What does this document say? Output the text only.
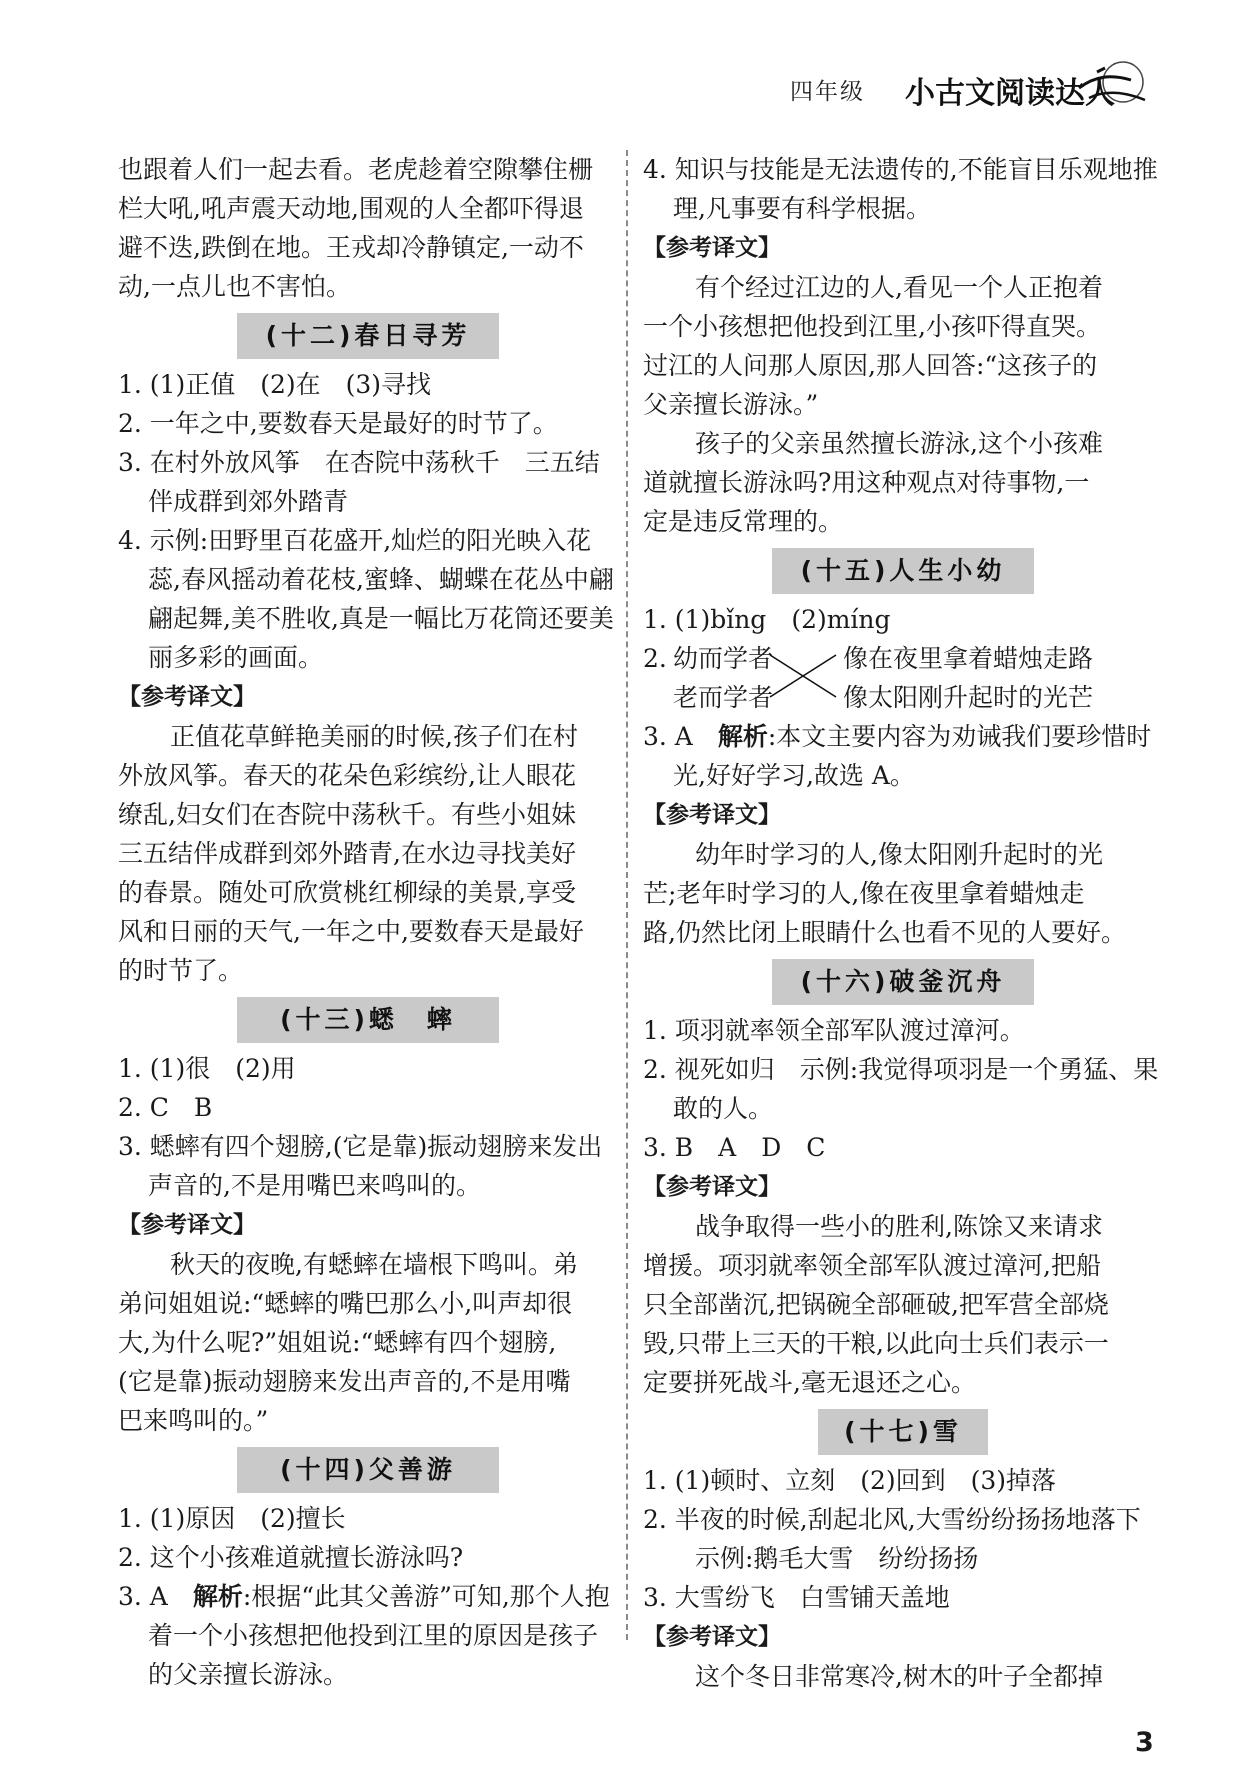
四年级 小古文阅读达人

也跟着人们一起去看。老虎趁着空隙攀住栅

栏大吼,吼声震天动地,围观的人全都吓得退

避不迭,跌倒在地。王戎却冷静镇定,一动不

动,一点儿也不害怕。

(十二)春日寻芳

1. (1)正值　(2)在　(3)寻找

2. 一年之中,要数春天是最好的时节了。

3. 在村外放风筝　在杏院中荡秋千　三五结伴成群到郊外踏青

4. 示例:田野里百花盛开,灿烂的阳光映入花蕊,春风摇动着花枝,蜜蜂、蝴蝶在花丛中翩翩起舞,美不胜收,真是一幅比万花筒还要美丽多彩的画面。

【参考译文】

正值花草鲜艳美丽的时候,孩子们在村

外放风筝。春天的花朵色彩缤纷,让人眼花

缭乱,妇女们在杏院中荡秋千。有些小姐妹

三五结伴成群到郊外踏青,在水边寻找美好

的春景。随处可欣赏桃红柳绿的美景,享受

风和日丽的天气,一年之中,要数春天是最好

的时节了。

(十三)蟋　蟀

1. (1)很　(2)用

2. C　B

3. 蟋蟀有四个翅膀,(它是靠)振动翅膀来发出声音的,不是用嘴巴来鸣叫的。

【参考译文】

秋天的夜晚,有蟋蟀在墙根下鸣叫。弟

弟问姐姐说:“蟋蟀的嘴巴那么小,叫声却很

大,为什么呢?”姐姐说:“蟋蟀有四个翅膀,

(它是靠)振动翅膀来发出声音的,不是用嘴

巴来鸣叫的。”

(十四)父善游

1. (1)原因　(2)擅长

2. 这个小孩难道就擅长游泳吗?

3. A　解析:根据“此其父善游”可知,那个人抱着一个小孩想把他投到江里的原因是孩子的父亲擅长游泳。

4. 知识与技能是无法遗传的,不能盲目乐观地推理,凡事要有科学根据。

【参考译文】

有个经过江边的人,看见一个人正抱着

一个小孩想把他投到江里,小孩吓得直哭。

过江的人问那人原因,那人回答:“这孩子的

父亲擅长游泳。”

孩子的父亲虽然擅长游泳,这个小孩难

道就擅长游泳吗?用这种观点对待事物,一

定是违反常理的。

(十五)人生小幼

1. (1)bǐng　(2)míng

2. 幼而学者
老而学者
像在夜里拿着蜡烛走路
像太阳刚升起时的光芒

3. A　解析:本文主要内容为劝诫我们要珍惜时光,好好学习,故选 A。

【参考译文】

幼年时学习的人,像太阳刚升起时的光

芒;老年时学习的人,像在夜里拿着蜡烛走

路,仍然比闭上眼睛什么也看不见的人要好。

(十六)破釜沉舟

1. 项羽就率领全部军队渡过漳河。

2. 视死如归　示例:我觉得项羽是一个勇猛、果敢的人。

3. B　A　D　C

【参考译文】

战争取得一些小的胜利,陈馀又来请求

增援。项羽就率领全部军队渡过漳河,把船

只全部凿沉,把锅碗全部砸破,把军营全部烧

毁,只带上三天的干粮,以此向士兵们表示一

定要拼死战斗,毫无退还之心。

(十七)雪

1. (1)顿时、立刻　(2)回到　(3)掉落

2. 半夜的时候,刮起北风,大雪纷纷扬扬地落下

示例:鹅毛大雪　纷纷扬扬

3. 大雪纷飞　白雪铺天盖地

【参考译文】

这个冬日非常寒冷,树木的叶子全都掉

3
